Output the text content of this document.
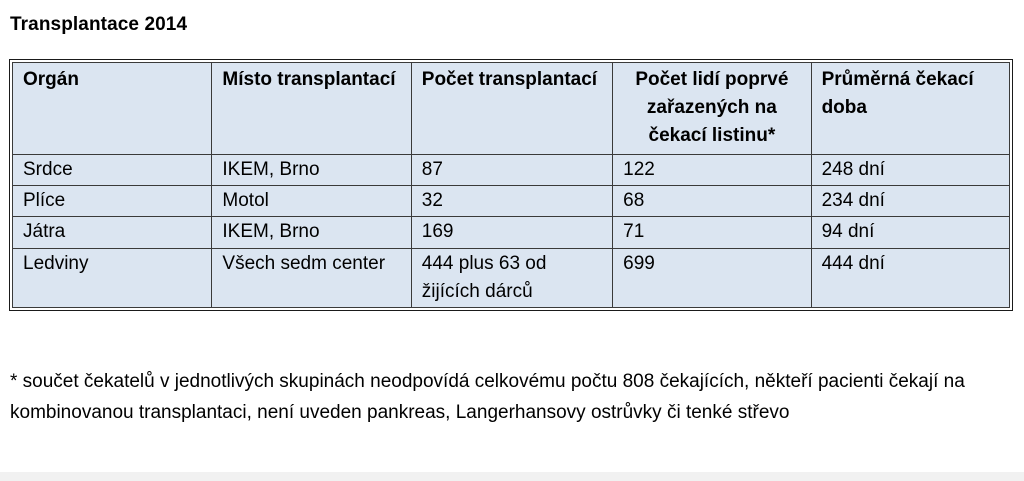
Transplantace 2014
Orgán	Místo transplantací	Počet transplantací	Počet lidí poprvé zařazených na čekací listinu*	Průměrná čekací doba
Srdce	IKEM, Brno	87	122	248 dní
Plíce	Motol	32	68	234 dní
Játra	IKEM, Brno	169	71	94 dní
Ledviny	Všech sedm center	444 plus 63 od žijících dárců	699	444 dní
* součet čekatelů v jednotlivých skupinách neodpovídá celkovému počtu 808 čekajících, někteří pacienti čekají na kombinovanou transplantaci, není uveden pankreas, Langerhansovy ostrůvky či tenké střevo
